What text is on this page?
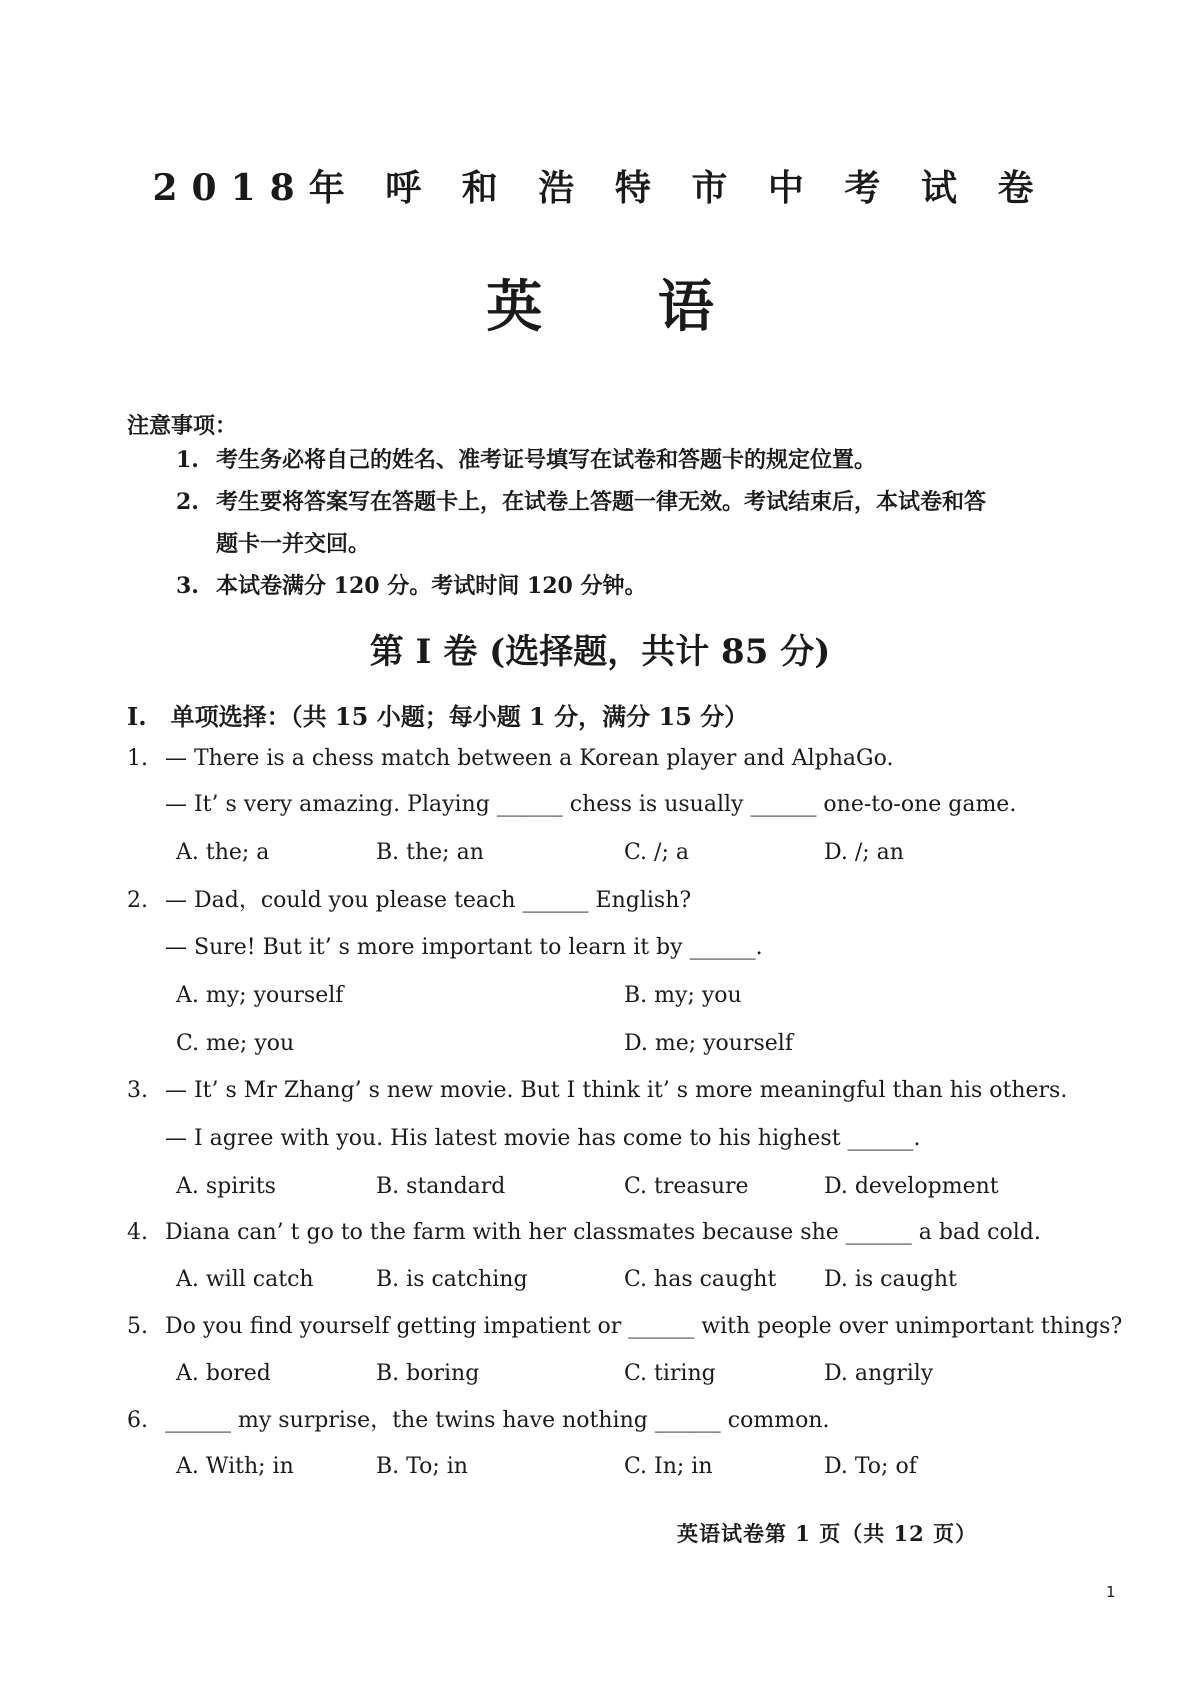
2018年 呼 和 浩 特 市 中 考 试 卷
英 语
注意事项：
1. 考生务必将自己的姓名、准考证号填写在试卷和答题卡的规定位置。
2. 考生要将答案写在答题卡上，在试卷上答题一律无效。考试结束后，本试卷和答
题卡一并交回。
3. 本试卷满分 120 分。考试时间 120 分钟。
第 I 卷 (选择题，共计 85 分)
I.　单项选择：（共 15 小题；每小题 1 分，满分 15 分）
1. — There is a chess match between a Korean player and AlphaGo.
— It’ s very amazing. Playing ______ chess is usually ______ one-to-one game.
A. the; a	B. the; an	C. /; a	D. /; an
2. — Dad，could you please teach ______ English?
— Sure! But it’ s more important to learn it by ______.
A. my; yourself	B. my; you
C. me; you	D. me; yourself
3. — It’ s Mr Zhang’ s new movie. But I think it’ s more meaningful than his others.
— I agree with you. His latest movie has come to his highest ______.
A. spirits	B. standard	C. treasure	D. development
4. Diana can’ t go to the farm with her classmates because she ______ a bad cold.
A. will catch	B. is catching	C. has caught D. is caught
5. Do you find yourself getting impatient or ______ with people over unimportant things?
A. bored	B. boring	C. tiring	D. angrily
6. ______ my surprise，the twins have nothing ______ common.
A. With; in	B. To; in	C. In; in	D. To; of
英语试卷第 1 页（共 12 页）
1
